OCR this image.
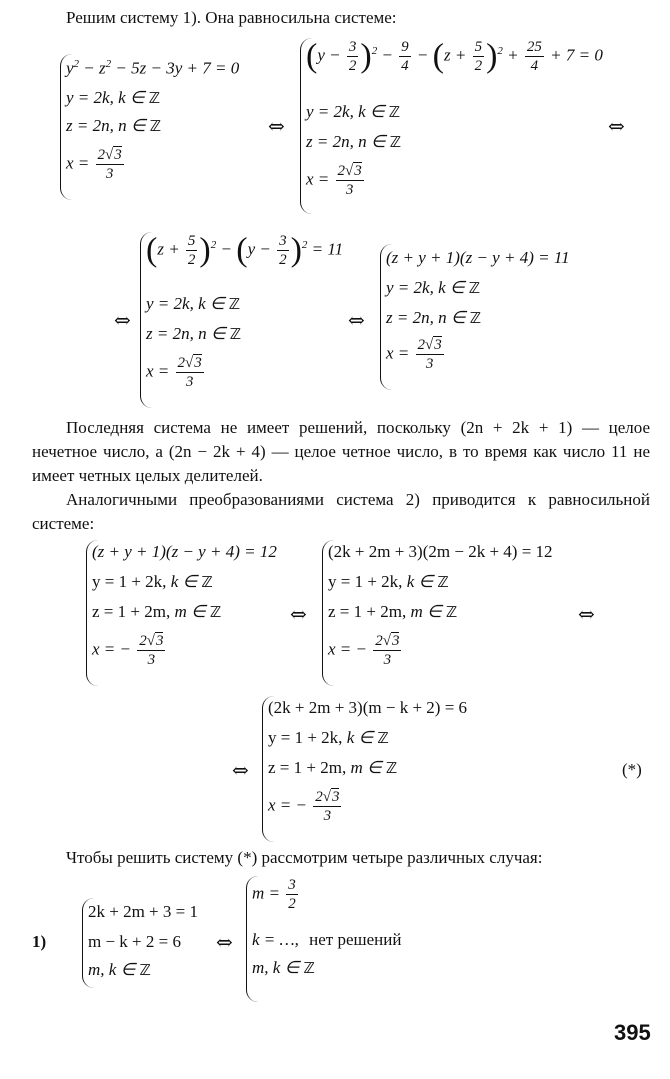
Решим систему 1). Она равносильна системе:
$y^2 - z^2 - 5z - 3y + 7 = 0$
y = 2k, k ∈ ℤ
z = 2n, n ∈ ℤ
$x = \frac{2√3}{3}$
⇔
$(y - \frac{3}{2} )^2 - \frac{9}{4} - (z + \frac{5}{2} )^2 + \frac{25}{4} + 7 = 0$
y = 2k, k ∈ ℤ
z = 2n, n ∈ ℤ
$x = \frac{2√3}{3}$
⇔
⇔
$(z + \frac{5}{2} )^2 - (y - \frac{3}{2} )^2 = 11$
y = 2k, k ∈ ℤ
z = 2n, n ∈ ℤ
$x = \frac{2√3}{3}$
⇔
(z + y + 1)(z − y + 4) = 11
y = 2k, k ∈ ℤ
z = 2n, n ∈ ℤ
$x = \frac{2√3}{3}$
Последняя система не имеет решений, поскольку (2n + 2k + 1) — целое нечетное число, а (2n − 2k + 4) — целое четное число, в то время как число 11 не имеет четных целых делителей.
Аналогичными преобразованиями система 2) приводится к равносильной системе:
(z + y + 1)(z − y + 4) = 12
y = 1 + 2k, k ∈ ℤ
z = 1 + 2m, m ∈ ℤ
x = − $\frac{2√3}{3}$
⇔
(2k + 2m + 3)(2m − 2k + 4) = 12
y = 1 + 2k, k ∈ ℤ
z = 1 + 2m, m ∈ ℤ
x = − $\frac{2√3}{3}$
⇔
⇔
(2k + 2m + 3)(m − k + 2) = 6
y = 1 + 2k, k ∈ ℤ
z = 1 + 2m, m ∈ ℤ
x = − $\frac{2√3}{3}$
(*)
Чтобы решить систему (*) рассмотрим четыре различных случая:
1)
2k + 2m + 3 = 1
m − k + 2 = 6
m, k ∈ ℤ
⇔
$m = \frac{3}{2}$
k = …, нет решений
m, k ∈ ℤ
395
